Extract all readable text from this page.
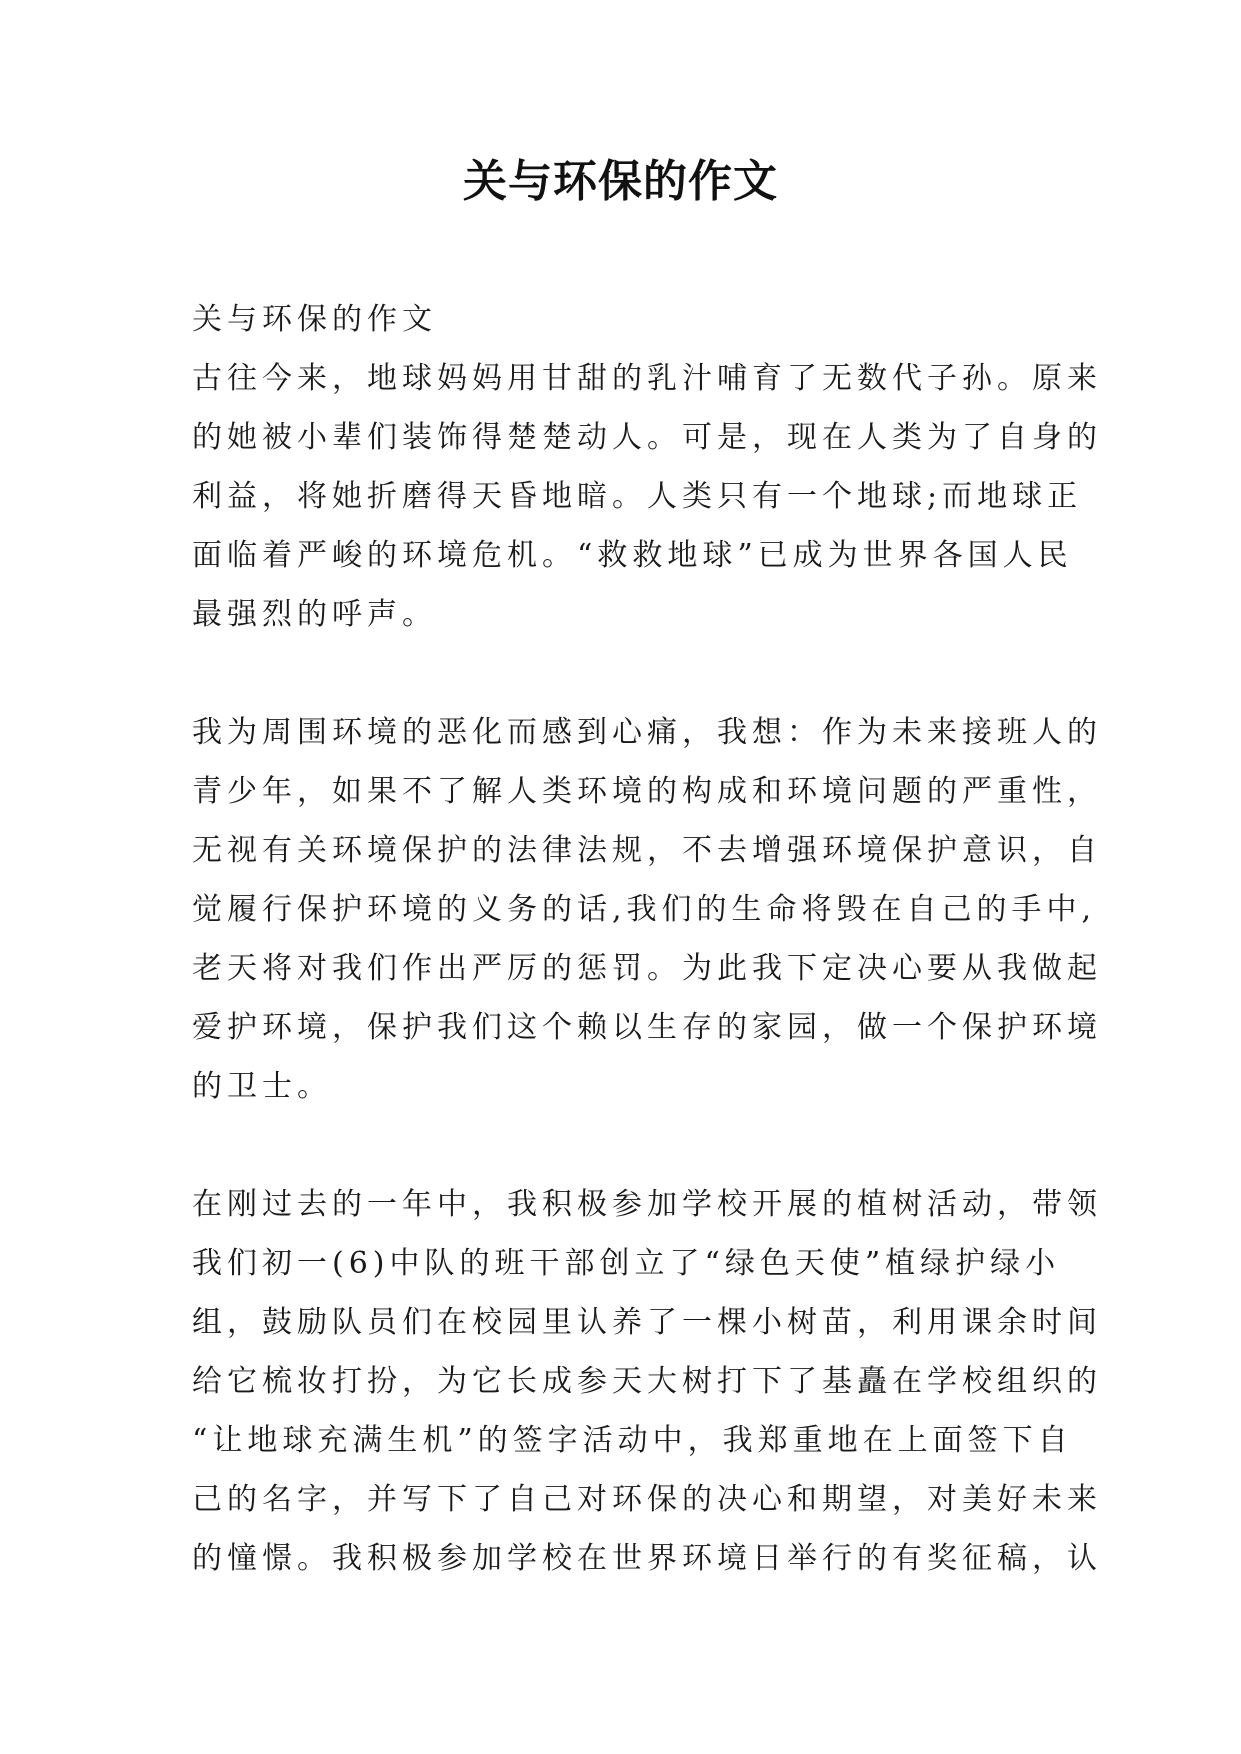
关与环保的作文
关与环保的作文
古往今来，地球妈妈用甘甜的乳汁哺育了无数代子孙。原来
的她被小辈们装饰得楚楚动人。可是，现在人类为了自身的
利益，将她折磨得天昏地暗。人类只有一个地球;而地球正
面临着严峻的环境危机。“救救地球”已成为世界各国人民
最强烈的呼声。
我为周围环境的恶化而感到心痛，我想：作为未来接班人的
青少年，如果不了解人类环境的构成和环境问题的严重性，
无视有关环境保护的法律法规，不去增强环境保护意识，自
觉履行保护环境的义务的话,我们的生命将毁在自己的手中,
老天将对我们作出严厉的惩罚。为此我下定决心要从我做起
爱护环境，保护我们这个赖以生存的家园，做一个保护环境
的卫士。
在刚过去的一年中，我积极参加学校开展的植树活动，带领
我们初一(6)中队的班干部创立了“绿色天使”植绿护绿小
组，鼓励队员们在校园里认养了一棵小树苗，利用课余时间
给它梳妆打扮，为它长成参天大树打下了基矗在学校组织的
“让地球充满生机”的签字活动中，我郑重地在上面签下自
己的名字，并写下了自己对环保的决心和期望，对美好未来
的憧憬。我积极参加学校在世界环境日举行的有奖征稿，认
